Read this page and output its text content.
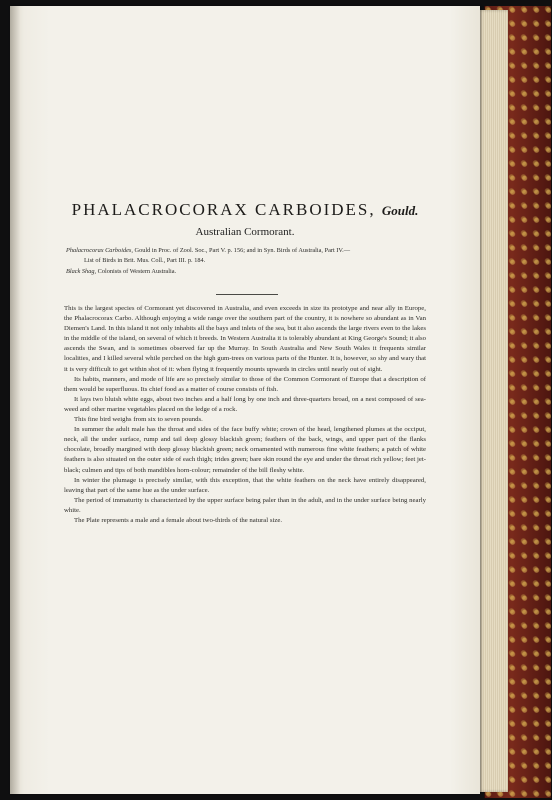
PHALACROCORAX CARBOIDES, Gould.
Australian Cormorant.
Phalacrocorax Carboides, Gould in Proc. of Zool. Soc., Part V. p. 156; and in Syn. Birds of Australia, Part IV.—
List of Birds in Brit. Mus. Coll., Part III. p. 184.
Black Shag, Colonists of Western Australia.

This is the largest species of Cormorant yet discovered in Australia, and even exceeds in size its prototype and near ally in Europe, the Phalacrocorax Carbo. Although enjoying a wide range over the southern part of the country, it is nowhere so abundant as in Van Diemen's Land. In this island it not only inhabits all the bays and inlets of the sea, but it also ascends the large rivers even to the lakes in the middle of the island, on several of which it breeds. In Western Australia it is tolerably abundant at King George's Sound; it also ascends the Swan, and is sometimes observed far up the Murray. In South Australia and New South Wales it frequents similar localities, and I killed several while perched on the high gum-trees on various parts of the Hunter. It is, however, so shy and wary that it is very difficult to get within shot of it: when flying it frequently mounts upwards in circles until nearly out of sight.

Its habits, manners, and mode of life are so precisely similar to those of the Common Cormorant of Europe that a description of them would be superfluous. Its chief food as a matter of course consists of fish.

It lays two bluish white eggs, about two inches and a half long by one inch and three-quarters broad, on a nest composed of sea-weed and other marine vegetables placed on the ledge of a rock.

This fine bird weighs from six to seven pounds.

In summer the adult male has the throat and sides of the face buffy white; crown of the head, lengthened plumes at the occiput, neck, all the under surface, rump and tail deep glossy blackish green; feathers of the back, wings, and upper part of the flanks chocolate, broadly margined with deep glossy blackish green; neck ornamented with numerous fine white feathers; a patch of white feathers is also situated on the outer side of each thigh; irides green; bare skin round the eye and under the throat rich yellow; feet jet-black; culmen and tips of both mandibles horn-colour; remainder of the bill fleshy white.

In winter the plumage is precisely similar, with this exception, that the white feathers on the neck have entirely disappeared, leaving that part of the same hue as the under surface.

The period of immaturity is characterized by the upper surface being paler than in the adult, and in the under surface being nearly white.

The Plate represents a male and a female about two-thirds of the natural size.
